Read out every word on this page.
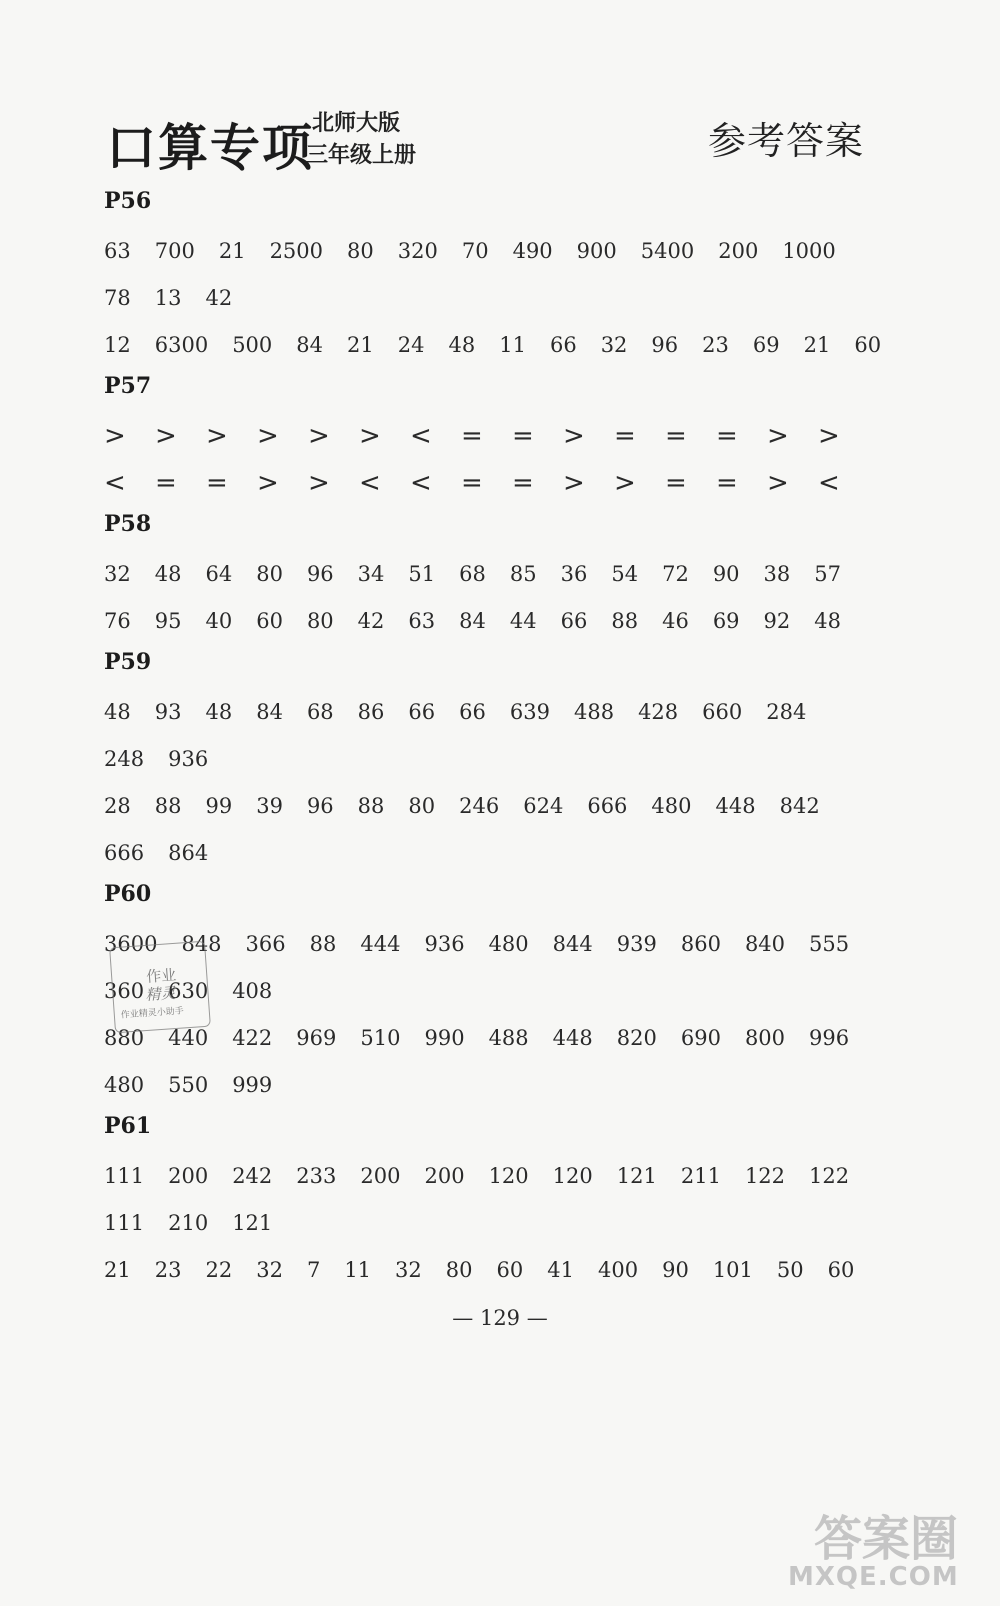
口算专项
北师大版
三年级上册	参考答案
P56
63 700 21 2500 80 320 70 490 900 5400 200 1000
78 13 42
12 6300 500 84 21 24 48 11 66 32 96 23 69 21 60
P57
> > > > > > < = = > = = = > >
< = = > > < < = = > > = = > <
P58
32 48 64 80 96 34 51 68 85 36 54 72 90 38 57
76 95 40 60 80 42 63 84 44 66 88 46 69 92 48
P59
48 93 48 84 68 86 66 66 639 488 428 660 284
248 936
28 88 99 39 96 88 80 246 624 666 480 448 842
666 864
P60
3600 848 366 88 444 936 480 844 939 860 840 555
360 630 408
880 440 422 969 510 990 488 448 820 690 800 996
480 550 999
P61
111 200 242 233 200 200 120 120 121 211 122 122
111 210 121
21 23 22 32 7 11 32 80 60 41 400 90 101 50 60
作业
精灵
作业精灵小助手
— 129 —
答案圈
MXQE.COM
